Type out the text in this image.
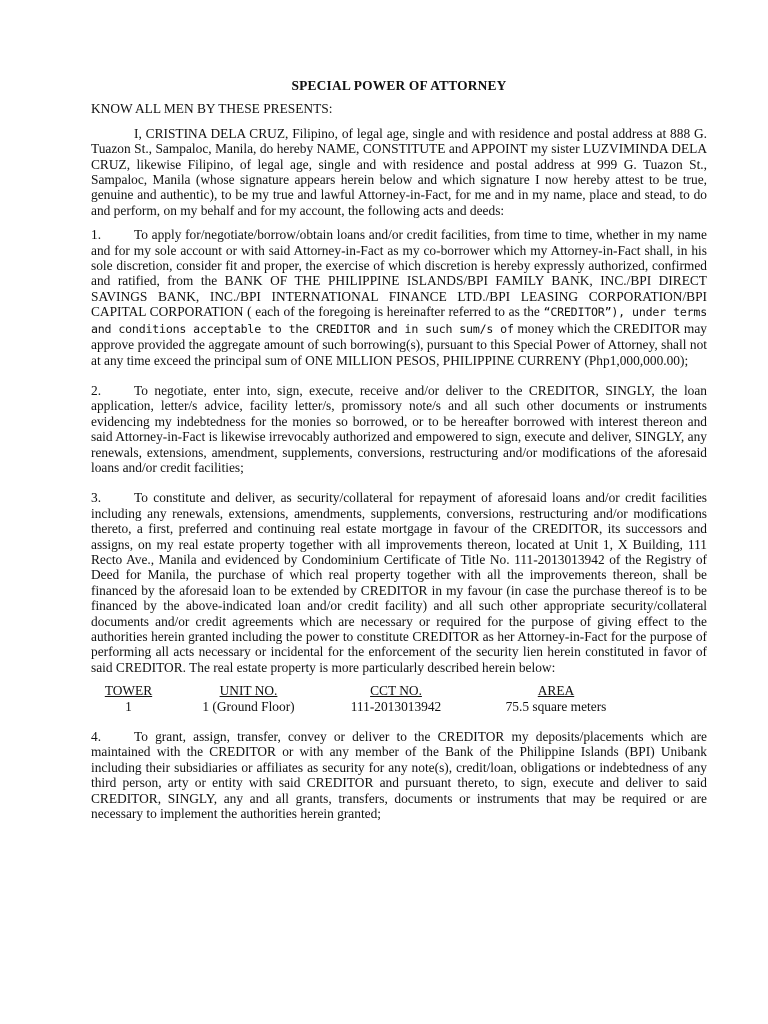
SPECIAL POWER OF ATTORNEY
KNOW ALL MEN BY THESE PRESENTS:

I, CRISTINA DELA CRUZ, Filipino, of legal age, single and with residence and postal address at 888 G. Tuazon St., Sampaloc, Manila, do hereby NAME, CONSTITUTE and APPOINT my sister LUZVIMINDA DELA CRUZ, likewise Filipino, of legal age, single and with residence and postal address at 999 G. Tuazon St., Sampaloc, Manila (whose signature appears herein below and which signature I now hereby attest to be true, genuine and authentic), to be my true and lawful Attorney-in-Fact, for me and in my name, place and stead, to do and perform, on my behalf and for my account, the following acts and deeds:

1. To apply for/negotiate/borrow/obtain loans and/or credit facilities, from time to time, whether in my name and for my sole account or with said Attorney-in-Fact as my co-borrower which my Attorney-in-Fact shall, in his sole discretion, consider fit and proper, the exercise of which discretion is hereby expressly authorized, confirmed and ratified, from the BANK OF THE PHILIPPINE ISLANDS/BPI FAMILY BANK, INC./BPI DIRECT SAVINGS BANK, INC./BPI INTERNATIONAL FINANCE LTD./BPI LEASING CORPORATION/BPI CAPITAL CORPORATION ( each of the foregoing is hereinafter referred to as the “CREDITOR”), under terms and conditions acceptable to the CREDITOR and in such sum/s of money which the CREDITOR may approve provided the aggregate amount of such borrowing(s), pursuant to this Special Power of Attorney, shall not at any time exceed the principal sum of ONE MILLION PESOS, PHILIPPINE CURRENY (Php1,000,000.00);

2. To negotiate, enter into, sign, execute, receive and/or deliver to the CREDITOR, SINGLY, the loan application, letter/s advice, facility letter/s, promissory note/s and all such other documents or instruments evidencing my indebtedness for the monies so borrowed, or to be hereafter borrowed with interest thereon and said Attorney-in-Fact is likewise irrevocably authorized and empowered to sign, execute and deliver, SINGLY, any renewals, extensions, amendment, supplements, conversions, restructuring and/or modifications of the aforesaid loans and/or credit facilities;

3. To constitute and deliver, as security/collateral for repayment of aforesaid loans and/or credit facilities including any renewals, extensions, amendments, supplements, conversions, restructuring and/or modifications thereto, a first, preferred and continuing real estate mortgage in favour of the CREDITOR, its successors and assigns, on my real estate property together with all improvements thereon, located at Unit 1, X Building, 111 Recto Ave., Manila and evidenced by Condominium Certificate of Title No. 111-2013013942 of the Registry of Deed for Manila, the purchase of which real property together with all the improvements thereon, shall be financed by the aforesaid loan to be extended by CREDITOR in my favour (in case the purchase thereof is to be financed by the above-indicated loan and/or credit facility) and all such other appropriate security/collateral documents and/or credit agreements which are necessary or required for the purpose of giving effect to the authorities herein granted including the power to constitute CREDITOR as her Attorney-in-Fact for the purpose of performing all acts necessary or incidental for the enforcement of the security lien herein constituted in favor of said CREDITOR. The real estate property is more particularly described herein below:

TOWER	UNIT NO.	CCT NO.	AREA
1	1 (Ground Floor)	111-2013013942	75.5 square meters

4. To grant, assign, transfer, convey or deliver to the CREDITOR my deposits/placements which are maintained with the CREDITOR or with any member of the Bank of the Philippine Islands (BPI) Unibank including their subsidiaries or affiliates as security for any note(s), credit/loan, obligations or indebtedness of any third person, arty or entity with said CREDITOR and pursuant thereto, to sign, execute and deliver to said CREDITOR, SINGLY, any and all grants, transfers, documents or instruments that may be required or are necessary to implement the authorities herein granted;
